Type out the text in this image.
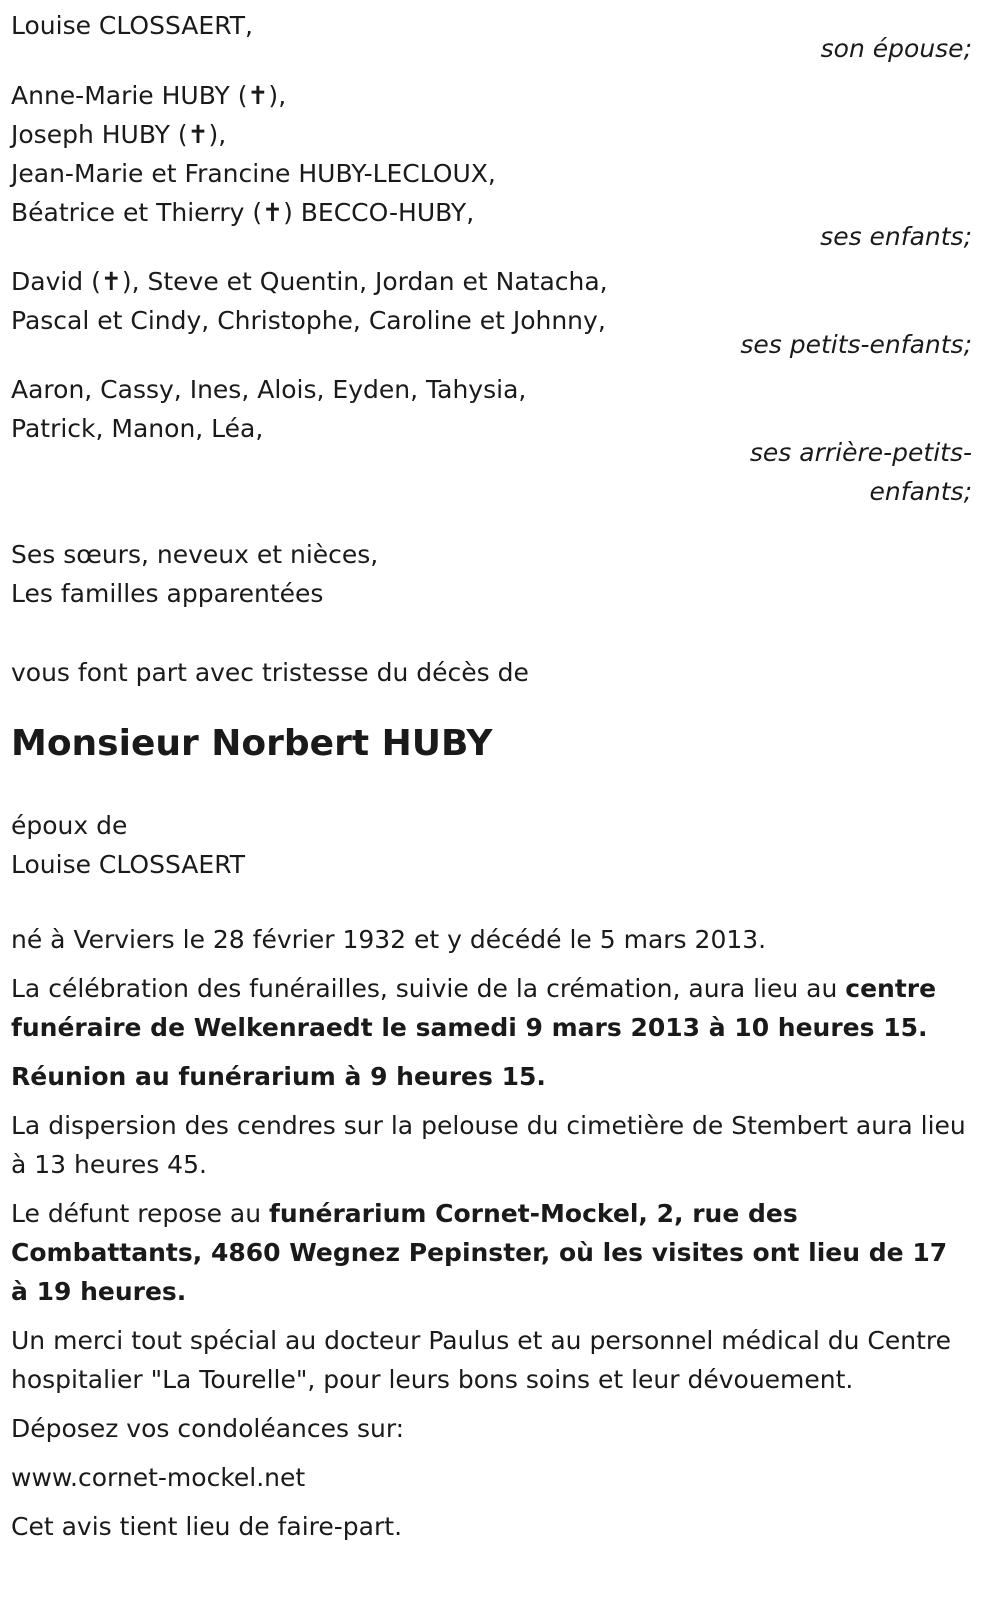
Louise CLOSSAERT,
son épouse;
Anne-Marie HUBY (✝),
Joseph HUBY (✝),
Jean-Marie et Francine HUBY-LECLOUX,
Béatrice et Thierry (✝) BECCO-HUBY,
ses enfants;
David (✝), Steve et Quentin, Jordan et Natacha,
Pascal et Cindy, Christophe, Caroline et Johnny,
ses petits-enfants;
Aaron, Cassy, Ines, Alois, Eyden, Tahysia,
Patrick, Manon, Léa,
ses arrière-petits-enfants;
Ses sœurs, neveux et nièces,
Les familles apparentées
vous font part avec tristesse du décès de
Monsieur Norbert HUBY
époux de
Louise CLOSSAERT
né à Verviers le 28 février 1932 et y décédé le 5 mars 2013.
La célébration des funérailles, suivie de la crémation, aura lieu au centre funéraire de Welkenraedt le samedi 9 mars 2013 à 10 heures 15.
Réunion au funérarium à 9 heures 15.
La dispersion des cendres sur la pelouse du cimetière de Stembert aura lieu à 13 heures 45.
Le défunt repose au funérarium Cornet-Mockel, 2, rue des Combattants, 4860 Wegnez Pepinster, où les visites ont lieu de 17 à 19 heures.
Un merci tout spécial au docteur Paulus et au personnel médical du Centre hospitalier "La Tourelle", pour leurs bons soins et leur dévouement.
Déposez vos condoléances sur:
www.cornet-mockel.net
Cet avis tient lieu de faire-part.
